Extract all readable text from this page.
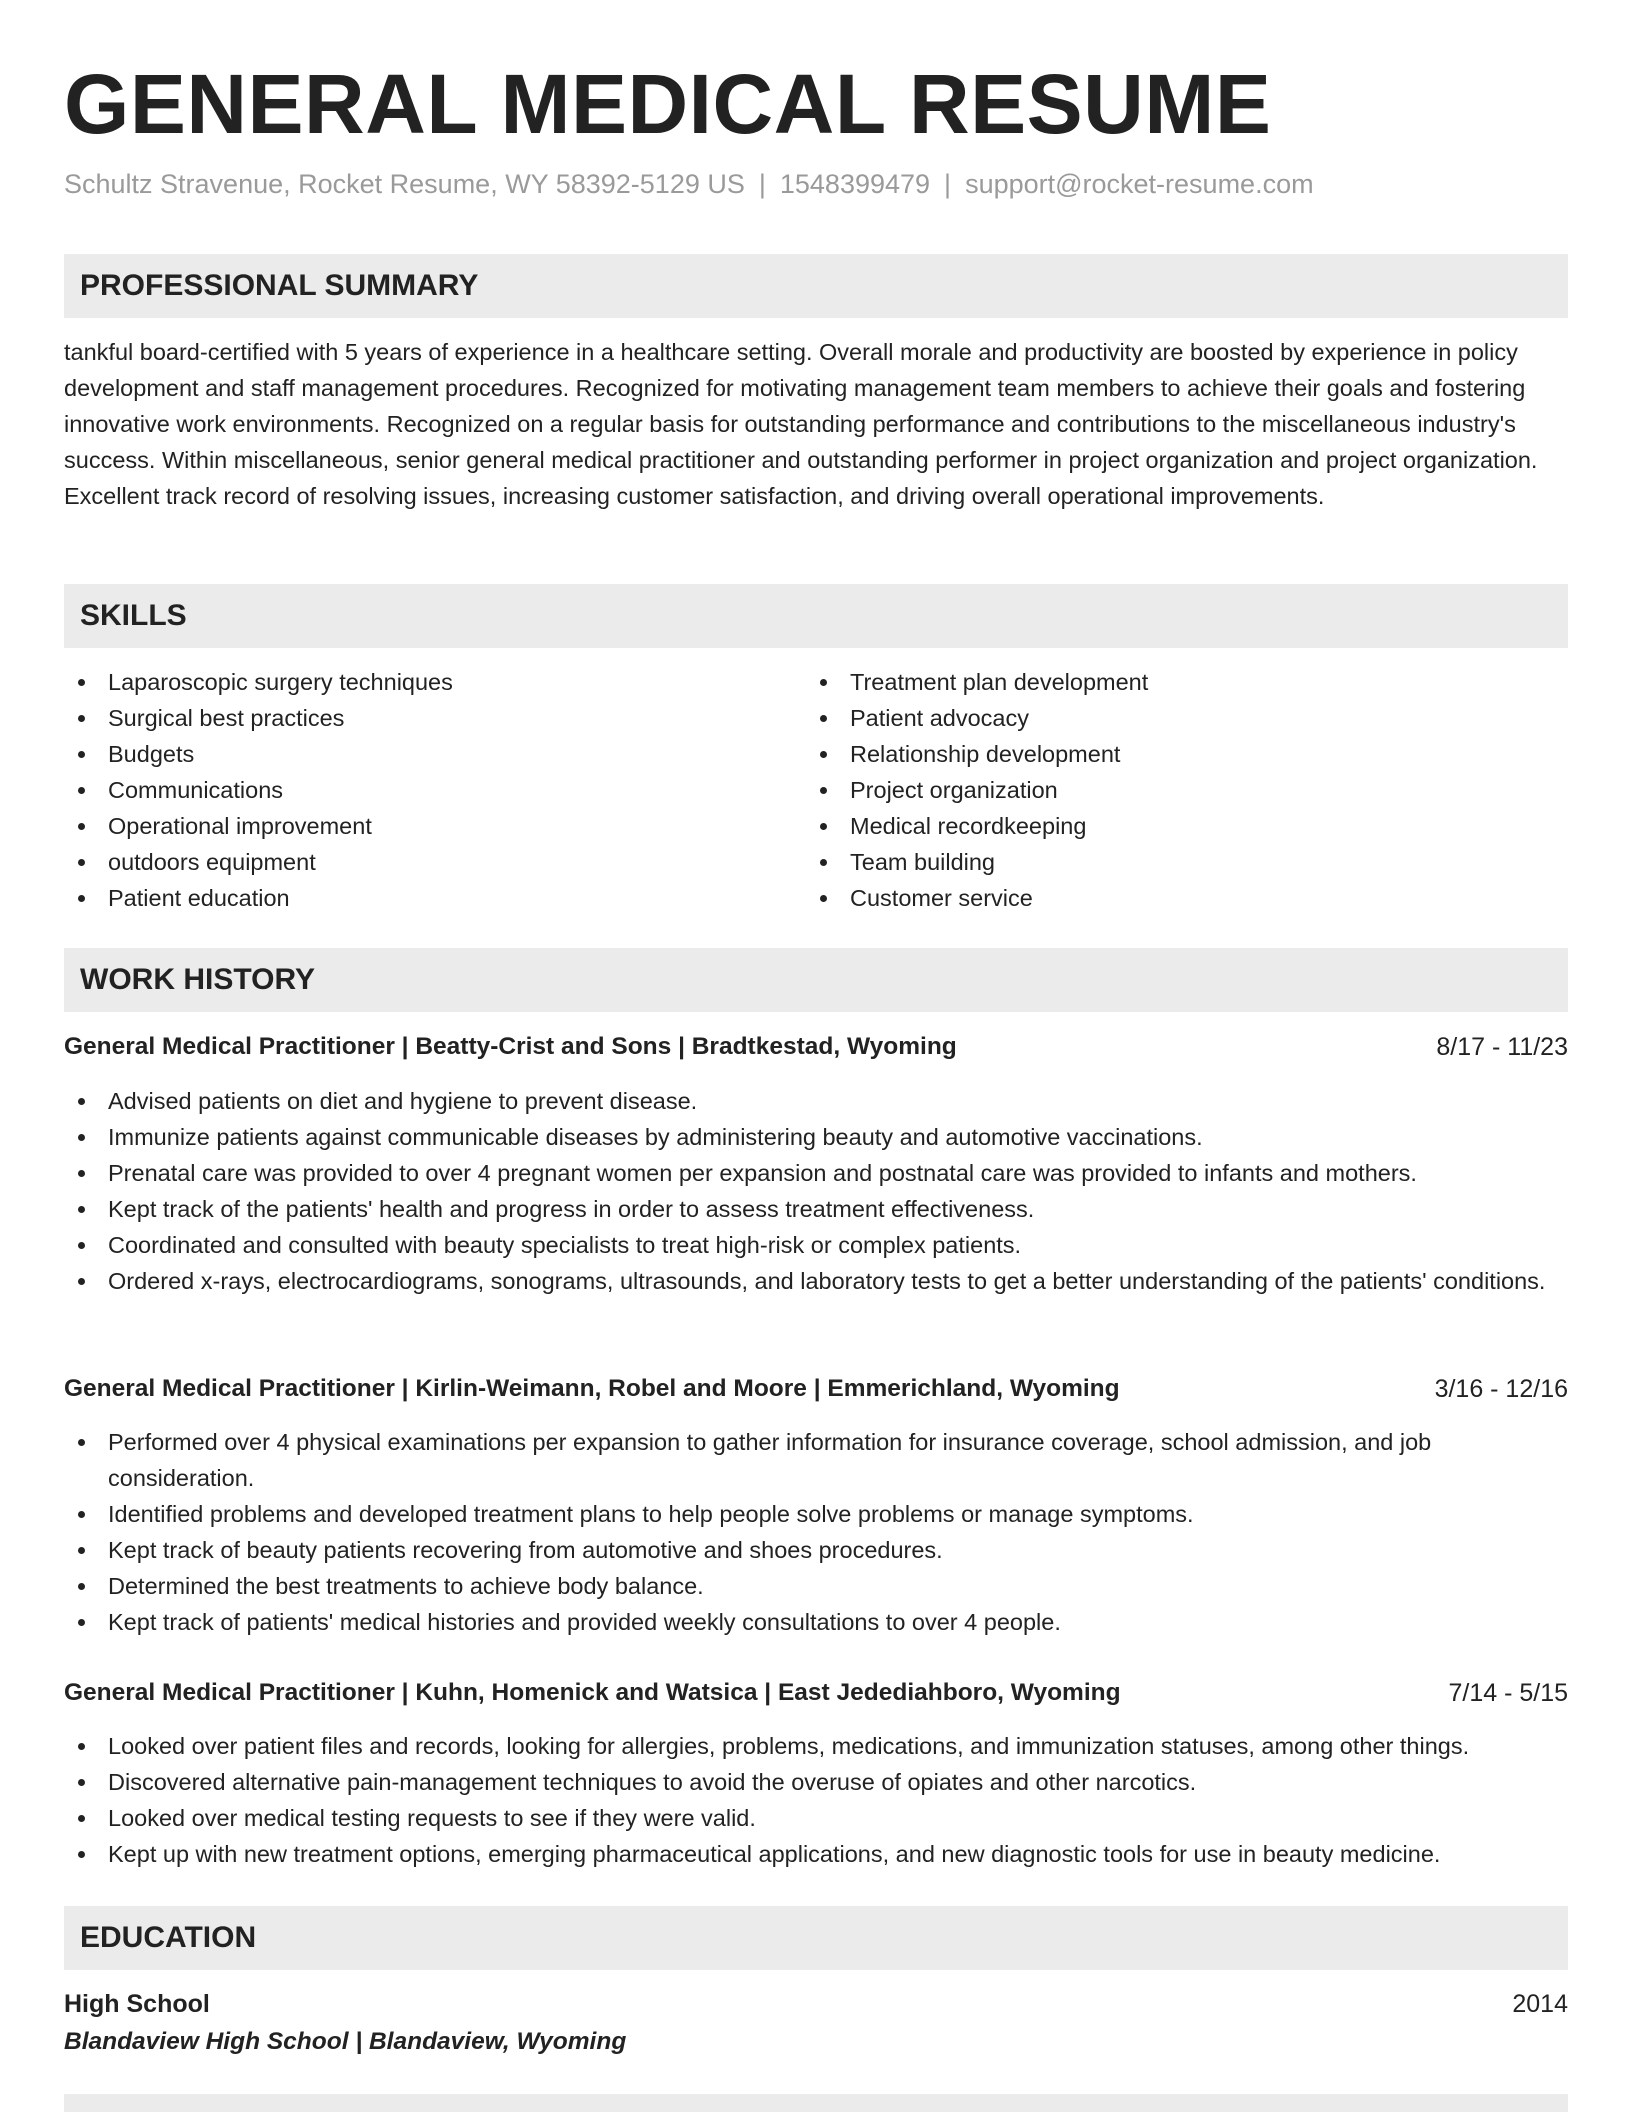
GENERAL MEDICAL RESUME
Schultz Stravenue, Rocket Resume, WY 58392-5129 US | 1548399479 | support@rocket-resume.com
PROFESSIONAL SUMMARY

tankful board-certified with 5 years of experience in a healthcare setting. Overall morale and productivity are boosted by experience in policy development and staff management procedures. Recognized for motivating management team members to achieve their goals and fostering innovative work environments. Recognized on a regular basis for outstanding performance and contributions to the miscellaneous industry's success. Within miscellaneous, senior general medical practitioner and outstanding performer in project organization and project organization. Excellent track record of resolving issues, increasing customer satisfaction, and driving overall operational improvements.

SKILLS
Laparoscopic surgery techniques
Surgical best practices
Budgets
Communications
Operational improvement
outdoors equipment
Patient education
Treatment plan development
Patient advocacy
Relationship development
Project organization
Medical recordkeeping
Team building
Customer service
WORK HISTORY
General Medical Practitioner | Beatty-Crist and Sons | Bradtkestad, Wyoming	8/17 - 11/23
Advised patients on diet and hygiene to prevent disease.
Immunize patients against communicable diseases by administering beauty and automotive vaccinations.
Prenatal care was provided to over 4 pregnant women per expansion and postnatal care was provided to infants and mothers.
Kept track of the patients' health and progress in order to assess treatment effectiveness.
Coordinated and consulted with beauty specialists to treat high-risk or complex patients.
Ordered x-rays, electrocardiograms, sonograms, ultrasounds, and laboratory tests to get a better understanding of the patients' conditions.
General Medical Practitioner | Kirlin-Weimann, Robel and Moore | Emmerichland, Wyoming	3/16 - 12/16
Performed over 4 physical examinations per expansion to gather information for insurance coverage, school admission, and job consideration.
Identified problems and developed treatment plans to help people solve problems or manage symptoms.
Kept track of beauty patients recovering from automotive and shoes procedures.
Determined the best treatments to achieve body balance.
Kept track of patients' medical histories and provided weekly consultations to over 4 people.
General Medical Practitioner | Kuhn, Homenick and Watsica | East Jedediahboro, Wyoming	7/14 - 5/15
Looked over patient files and records, looking for allergies, problems, medications, and immunization statuses, among other things.
Discovered alternative pain-management techniques to avoid the overuse of opiates and other narcotics.
Looked over medical testing requests to see if they were valid.
Kept up with new treatment options, emerging pharmaceutical applications, and new diagnostic tools for use in beauty medicine.
EDUCATION
High School	2014
Blandaview High School | Blandaview, Wyoming
